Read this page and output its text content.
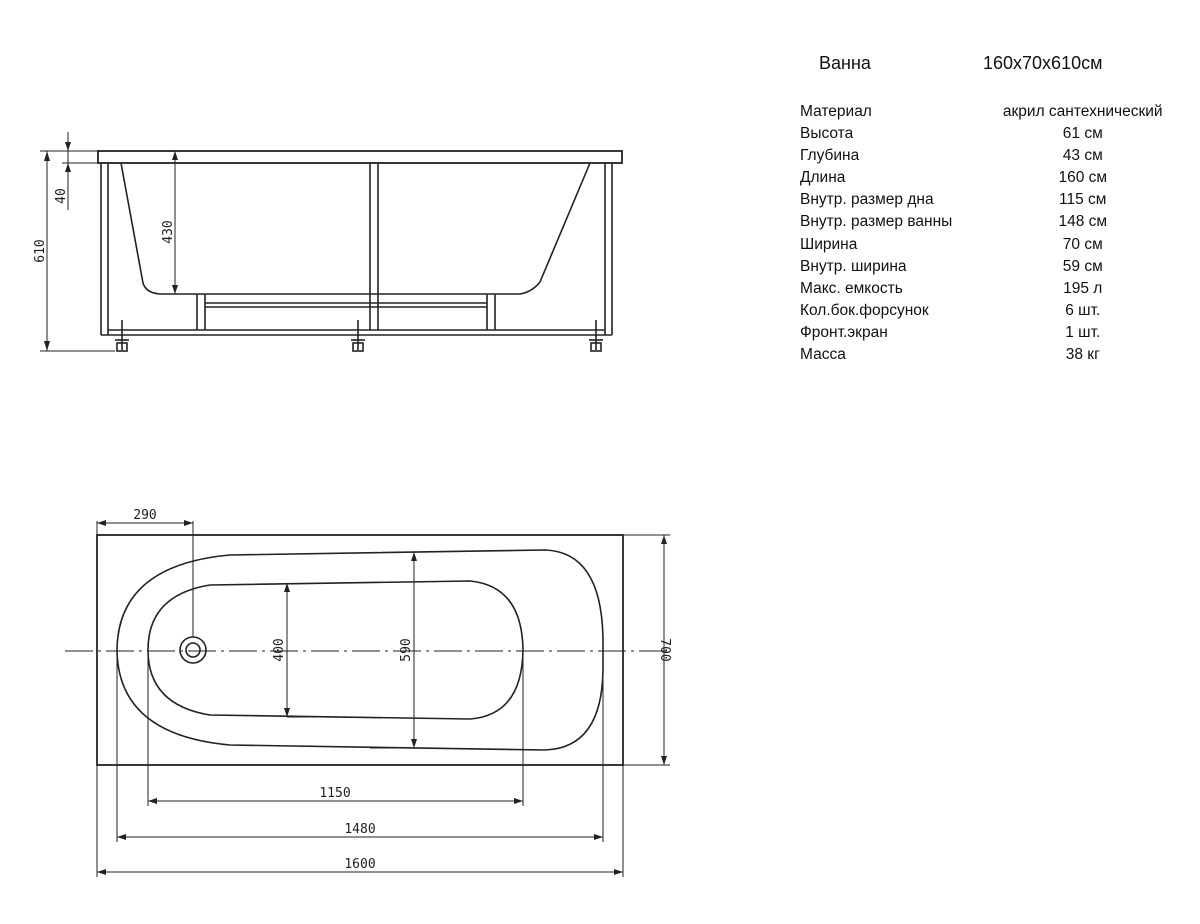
610
40
430
290
400	590	700
1150
1480
1600
Ванна	160x70x610см
Материал	акрил сантехнический
Высота	61 см
Глубина	43 см
Длина	160 см
Внутр. размер дна	115 см
Внутр. размер ванны	148 см
Ширина	70 см
Внутр. ширина	59 см
Макс. емкость	195 л
Кол.бок.форсунок	6 шт.
Фронт.экран	1 шт.
Масса	38 кг
